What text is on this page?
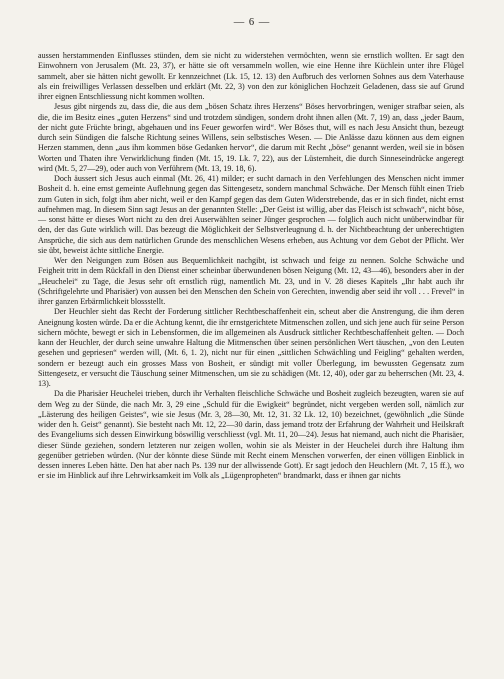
— 6 —

aussen herstammenden Einflusses stünden, dem sie nicht zu widerstehen vermöchten, wenn sie ernstlich wollten. Er sagt den Einwohnern von Jerusalem (Mt. 23, 37), er hätte sie oft versammeln wollen, wie eine Henne ihre Küchlein unter ihre Flügel sammelt, aber sie hätten nicht gewollt. Er kennzeichnet (Lk. 15, 12. 13) den Aufbruch des verlornen Sohnes aus dem Vaterhause als ein freiwilliges Verlassen desselben und erklärt (Mt. 22, 3) von den zur königlichen Hochzeit Geladenen, dass sie auf Grund ihrer eignen Entschliessung nicht kommen wollten.

Jesus gibt nirgends zu, dass die, die aus dem „bösen Schatz ihres Herzens“ Böses hervorbringen, weniger strafbar seien, als die, die im Besitz eines „guten Herzens“ sind und trotzdem sündigen, sondern droht ihnen allen (Mt. 7, 19) an, dass „jeder Baum, der nicht gute Früchte bringt, abgehauen und ins Feuer geworfen wird“. Wer Böses thut, will es nach Jesu Ansicht thun, bezeugt durch sein Sündigen die falsche Richtung seines Willens, sein selbstisches Wesen. — Die Anlässe dazu können aus dem eignen Herzen stammen, denn „aus ihm kommen böse Gedanken hervor“, die darum mit Recht „böse“ genannt werden, weil sie in bösen Worten und Thaten ihre Verwirklichung finden (Mt. 15, 19. Lk. 7, 22), aus der Lüsternheit, die durch Sinneseindrücke angeregt wird (Mt. 5, 27—29), oder auch von Verführern (Mt. 13, 19. 18, 6).

Doch äussert sich Jesus auch einmal (Mt. 26, 41) milder; er sucht darnach in den Verfehlungen des Menschen nicht immer Bosheit d. h. eine ernst gemeinte Auflehnung gegen das Sittengesetz, sondern manchmal Schwäche. Der Mensch fühlt einen Trieb zum Guten in sich, folgt ihm aber nicht, weil er den Kampf gegen das dem Guten Widerstrebende, das er in sich findet, nicht ernst aufnehmen mag. In diesem Sinn sagt Jesus an der genannten Stelle: „Der Geist ist willig, aber das Fleisch ist schwach“, nicht böse, — sonst hätte er dieses Wort nicht zu den drei Auserwählten seiner Jünger gesprochen — folglich auch nicht unüberwindbar für den, der das Gute wirklich will. Das bezeugt die Möglichkeit der Selbstverleugnung d. h. der Nichtbeachtung der unberechtigten Ansprüche, die sich aus dem natürlichen Grunde des menschlichen Wesens erheben, aus Achtung vor dem Gebot der Pflicht. Wer sie übt, beweist ächte sittliche Energie.

Wer den Neigungen zum Bösen aus Bequemlichkeit nachgibt, ist schwach und feige zu nennen. Solche Schwäche und Feigheit tritt in dem Rückfall in den Dienst einer scheinbar überwundenen bösen Neigung (Mt. 12, 43—46), besonders aber in der „Heuchelei“ zu Tage, die Jesus sehr oft ernstlich rügt, namentlich Mt. 23, und in V. 28 dieses Kapitels „Ihr habt auch ihr (Schriftgelehrte und Pharisäer) von aussen bei den Menschen den Schein von Gerechten, inwendig aber seid ihr voll . . . Frevel“ in ihrer ganzen Erbärmlichkeit blossstellt.

Der Heuchler sieht das Recht der Forderung sittlicher Rechtbeschaffenheit ein, scheut aber die Anstrengung, die ihm deren Aneignung kosten würde. Da er die Achtung kennt, die ihr ernstgerichtete Mitmenschen zollen, und sich jene auch für seine Person sichern möchte, bewegt er sich in Lebensformen, die im allgemeinen als Ausdruck sittlicher Rechtbeschaffenheit gelten. — Doch kann der Heuchler, der durch seine unwahre Haltung die Mitmenschen über seinen persönlichen Wert täuschen, „von den Leuten gesehen und gepriesen“ werden will, (Mt. 6, 1. 2), nicht nur für einen „sittlichen Schwächling und Feigling“ gehalten werden, sondern er bezeugt auch ein grosses Mass von Bosheit, er sündigt mit voller Überlegung, im bewussten Gegensatz zum Sittengesetz, er versucht die Täuschung seiner Mitmenschen, um sie zu schädigen (Mt. 12, 40), oder gar zu beherrschen (Mt. 23, 4. 13).

Da die Pharisäer Heuchelei trieben, durch ihr Verhalten fleischliche Schwäche und Bosheit zugleich bezeugten, waren sie auf dem Weg zu der Sünde, die nach Mr. 3, 29 eine „Schuld für die Ewigkeit“ begründet, nicht vergeben werden soll, nämlich zur „Lästerung des heiligen Geistes“, wie sie Jesus (Mr. 3, 28—30, Mt. 12, 31. 32 Lk. 12, 10) bezeichnet, (gewöhnlich „die Sünde wider den h. Geist“ genannt). Sie besteht nach Mt. 12, 22—30 darin, dass jemand trotz der Erfahrung der Wahrheit und Heilskraft des Evangeliums sich dessen Einwirkung böswillig verschliesst (vgl. Mt. 11, 20—24). Jesus hat niemand, auch nicht die Pharisäer, dieser Sünde geziehen, sondern letzteren nur zeigen wollen, wohin sie als Meister in der Heuchelei durch ihre Haltung ihm gegenüber getrieben würden. (Nur der könnte diese Sünde mit Recht einem Menschen vorwerfen, der einen völligen Einblick in dessen inneres Leben hätte. Den hat aber nach Ps. 139 nur der allwissende Gott). Er sagt jedoch den Heuchlern (Mt. 7, 15 ff.), wo er sie im Hinblick auf ihre Lehrwirksamkeit im Volk als „Lügenpropheten“ brandmarkt, dass er ihnen gar nichts
